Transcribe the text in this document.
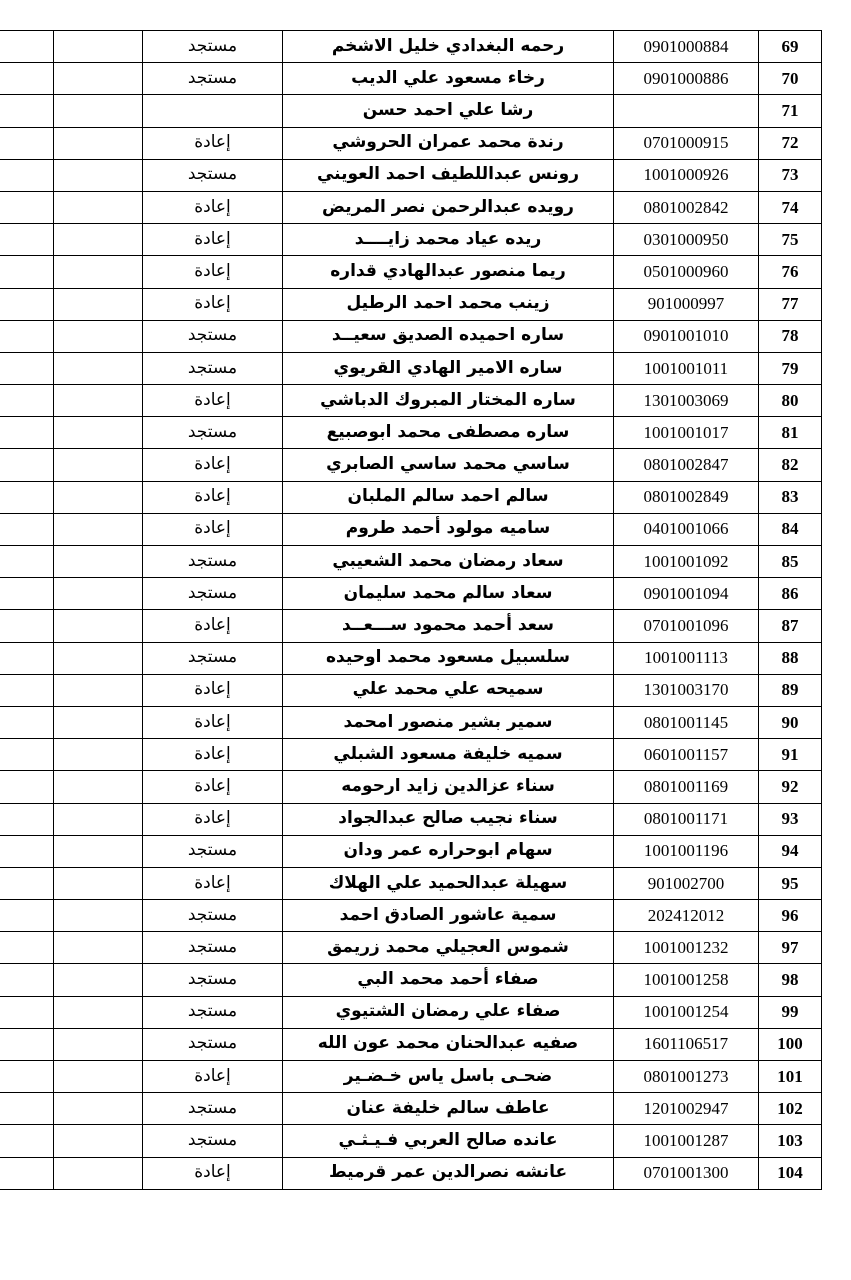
69	0901000884	رحمه البغدادي خليل الاشخم	مستجد		
70	0901000886	رخاء مسعود علي الديب	مستجد		
71		رشا علي احمد حسن			
72	0701000915	رندة محمد عمران الحروشي	إعادة		
73	1001000926	رونس عبداللطيف احمد العويني	مستجد		
74	0801002842	رويده عبدالرحمن نصر المريض	إعادة		
75	0301000950	ريده عياد محمد زايــــد	إعادة		
76	0501000960	ريما منصور عبدالهادي قداره	إعادة		
77	901000997	زينب محمد احمد الرطيل	إعادة		
78	0901001010	ساره احميده الصديق سعيــد	مستجد		
79	1001001011	ساره الامير الهادي القريوي	مستجد		
80	1301003069	ساره المختار المبروك الدباشي	إعادة		
81	1001001017	ساره مصطفى محمد ابوصبيع	مستجد		
82	0801002847	ساسي محمد ساسي الصابري	إعادة		
83	0801002849	سالم احمد سالم الملبان	إعادة		
84	0401001066	ساميه مولود أحمد طروم	إعادة		
85	1001001092	سعاد رمضان محمد الشعيبي	مستجد		
86	0901001094	سعاد سالم محمد سليمان	مستجد		
87	0701001096	سعد أحمد محمود ســـعــد	إعادة		
88	1001001113	سلسبيل مسعود محمد اوحيده	مستجد		
89	1301003170	سميحه علي محمد علي	إعادة		
90	0801001145	سمير بشير منصور امحمد	إعادة		
91	0601001157	سميه خليفة مسعود الشبلي	إعادة		
92	0801001169	سناء عزالدين زايد ارحومه	إعادة		
93	0801001171	سناء نجيب صالح عبدالجواد	إعادة		
94	1001001196	سهام ابوحراره عمر ودان	مستجد		
95	901002700	سهيلة عبدالحميد علي الهلاك	إعادة		
96	202412012	سمية عاشور الصادق احمد	مستجد		
97	1001001232	شموس العجيلي محمد زريمق	مستجد		
98	1001001258	صفاء أحمد محمد البي	مستجد		
99	1001001254	صفاء علي رمضان الشتيوي	مستجد		
100	1601106517	صفيه عبدالحنان محمد عون الله	مستجد		
101	0801001273	ضحـى باسل ياس خـضـير	إعادة		
102	1201002947	عاطف سالم خليفة عنان	مستجد		
103	1001001287	عانده صالح العربي فـيـثـي	مستجد		
104	0701001300	عانشه نصرالدين عمر قرميط	إعادة		
